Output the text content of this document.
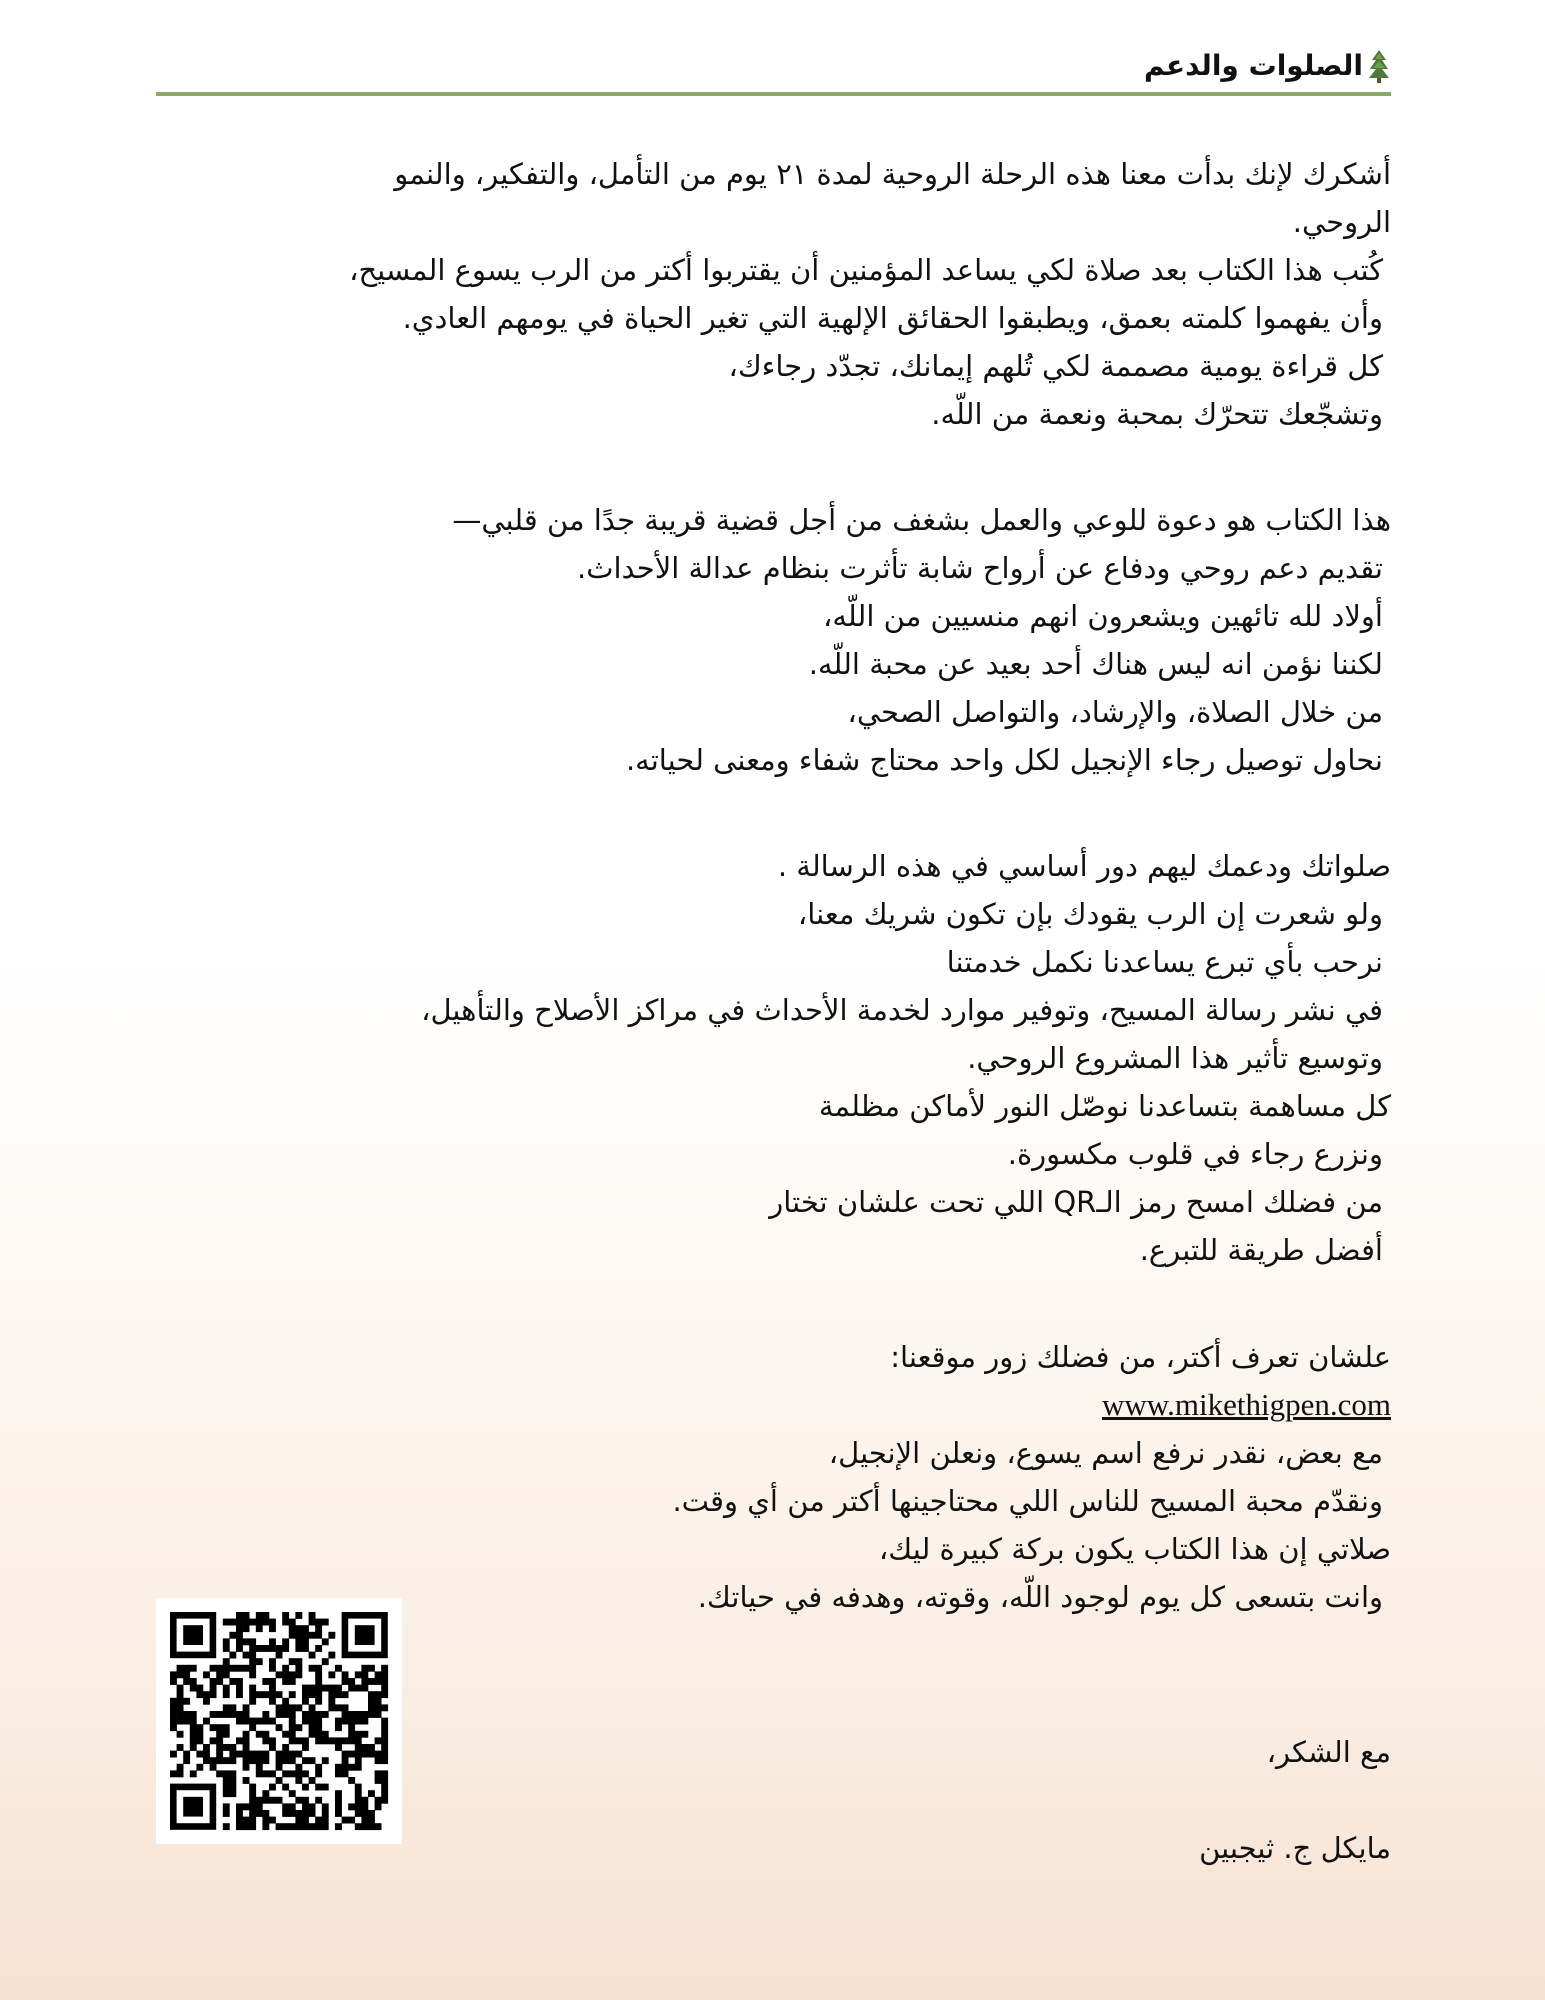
الصلوات والدعم
أشكرك لإنك بدأت معنا هذه الرحلة الروحية لمدة ٢١ يوم من التأمل، والتفكير، والنمو
الروحي.
كُتب هذا الكتاب بعد صلاة لكي يساعد المؤمنين أن يقتربوا أكتر من الرب يسوع المسيح،
وأن يفهموا كلمته بعمق، ويطبقوا الحقائق الإلهية التي تغير الحياة في يومهم العادي.
كل قراءة يومية مصممة لكي تُلهم إيمانك، تجدّد رجاءك،
وتشجّعك تتحرّك بمحبة ونعمة من اللّه.
هذا الكتاب هو دعوة للوعي والعمل بشغف من أجل قضية قريبة جدًا من قلبي—
تقديم دعم روحي ودفاع عن أرواح شابة تأثرت بنظام عدالة الأحداث.
أولاد لله تائهين ويشعرون انهم منسيين من اللّه،
لكننا نؤمن انه ليس هناك أحد بعيد عن محبة اللّه.
من خلال الصلاة، والإرشاد، والتواصل الصحي،
نحاول توصيل رجاء الإنجيل لكل واحد محتاج شفاء ومعنى لحياته.
صلواتك ودعمك ليهم دور أساسي في هذه الرسالة .
ولو شعرت إن الرب يقودك بإن تكون شريك معنا،
نرحب بأي تبرع يساعدنا نكمل خدمتنا
في نشر رسالة المسيح، وتوفير موارد لخدمة الأحداث في مراكز الأصلاح والتأهيل،
وتوسيع تأثير هذا المشروع الروحي.
كل مساهمة بتساعدنا نوصّل النور لأماكن مظلمة
ونزرع رجاء في قلوب مكسورة.
من فضلك امسح رمز الـQR اللي تحت علشان تختار
أفضل طريقة للتبرع.
علشان تعرف أكتر، من فضلك زور موقعنا:
www.mikethigpen.com
مع بعض، نقدر نرفع اسم يسوع، ونعلن الإنجيل،
ونقدّم محبة المسيح للناس اللي محتاجينها أكتر من أي وقت.
صلاتي إن هذا الكتاب يكون بركة كبيرة ليك،
وانت بتسعى كل يوم لوجود اللّه، وقوته، وهدفه في حياتك.
مع الشكر،
مايكل ج. ثيجبين
